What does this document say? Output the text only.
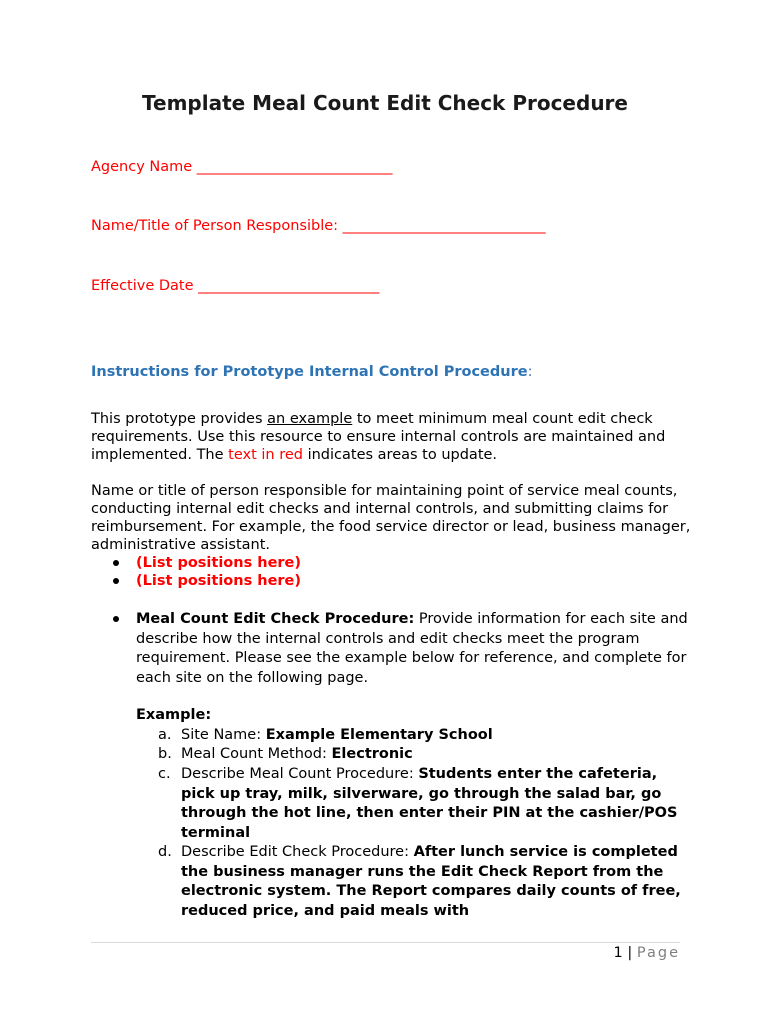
Template Meal Count Edit Check Procedure
Agency Name ___________________________
Name/Title of Person Responsible: ____________________________
Effective Date _________________________
Instructions for Prototype Internal Control Procedure:
This prototype provides an example to meet minimum meal count edit check requirements. Use this resource to ensure internal controls are maintained and implemented. The text in red indicates areas to update.
Name or title of person responsible for maintaining point of service meal counts, conducting internal edit checks and internal controls, and submitting claims for reimbursement. For example, the food service director or lead, business manager, administrative assistant.
(List positions here)
(List positions here)
Meal Count Edit Check Procedure: Provide information for each site and describe how the internal controls and edit checks meet the program requirement. Please see the example below for reference, and complete for each site on the following page.
Example:
a. Site Name: Example Elementary School
b. Meal Count Method: Electronic
c. Describe Meal Count Procedure: Students enter the cafeteria, pick up tray, milk, silverware, go through the salad bar, go through the hot line, then enter their PIN at the cashier/POS terminal
d. Describe Edit Check Procedure: After lunch service is completed the business manager runs the Edit Check Report from the electronic system. The Report compares daily counts of free, reduced price, and paid meals with
1 | Page
